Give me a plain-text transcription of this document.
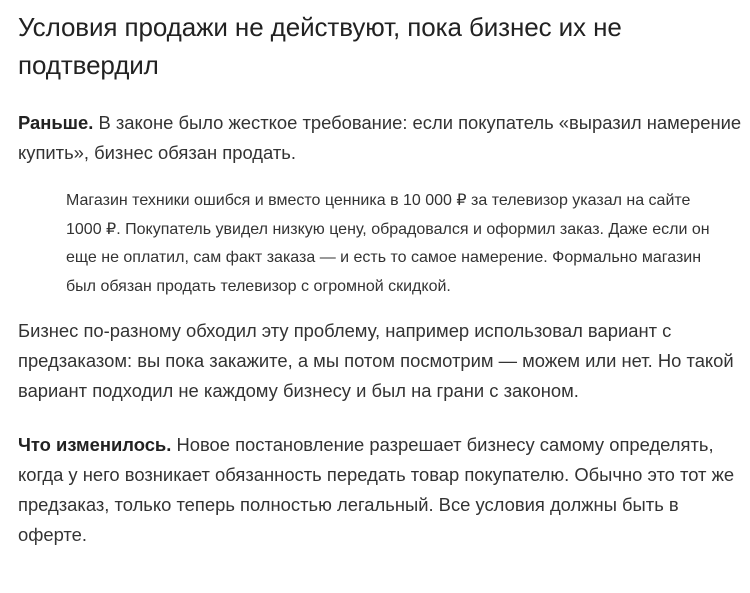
Условия продажи не действуют, пока бизнес их не подтвердил

Раньше. В законе было жесткое требование: если покупатель «выразил намерение купить», бизнес обязан продать.

Магазин техники ошибся и вместо ценника в 10 000 ₽ за телевизор указал на сайте 1000 ₽. Покупатель увидел низкую цену, обрадовался и оформил заказ. Даже если он еще не оплатил, сам факт заказа — и есть то самое намерение. Формально магазин был обязан продать телевизор с огромной скидкой.

Бизнес по-разному обходил эту проблему, например использовал вариант с предзаказом: вы пока закажите, а мы потом посмотрим — можем или нет. Но такой вариант подходил не каждому бизнесу и был на грани с законом.

Что изменилось. Новое постановление разрешает бизнесу самому определять, когда у него возникает обязанность передать товар покупателю. Обычно это тот же предзаказ, только теперь полностью легальный. Все условия должны быть в оферте.
